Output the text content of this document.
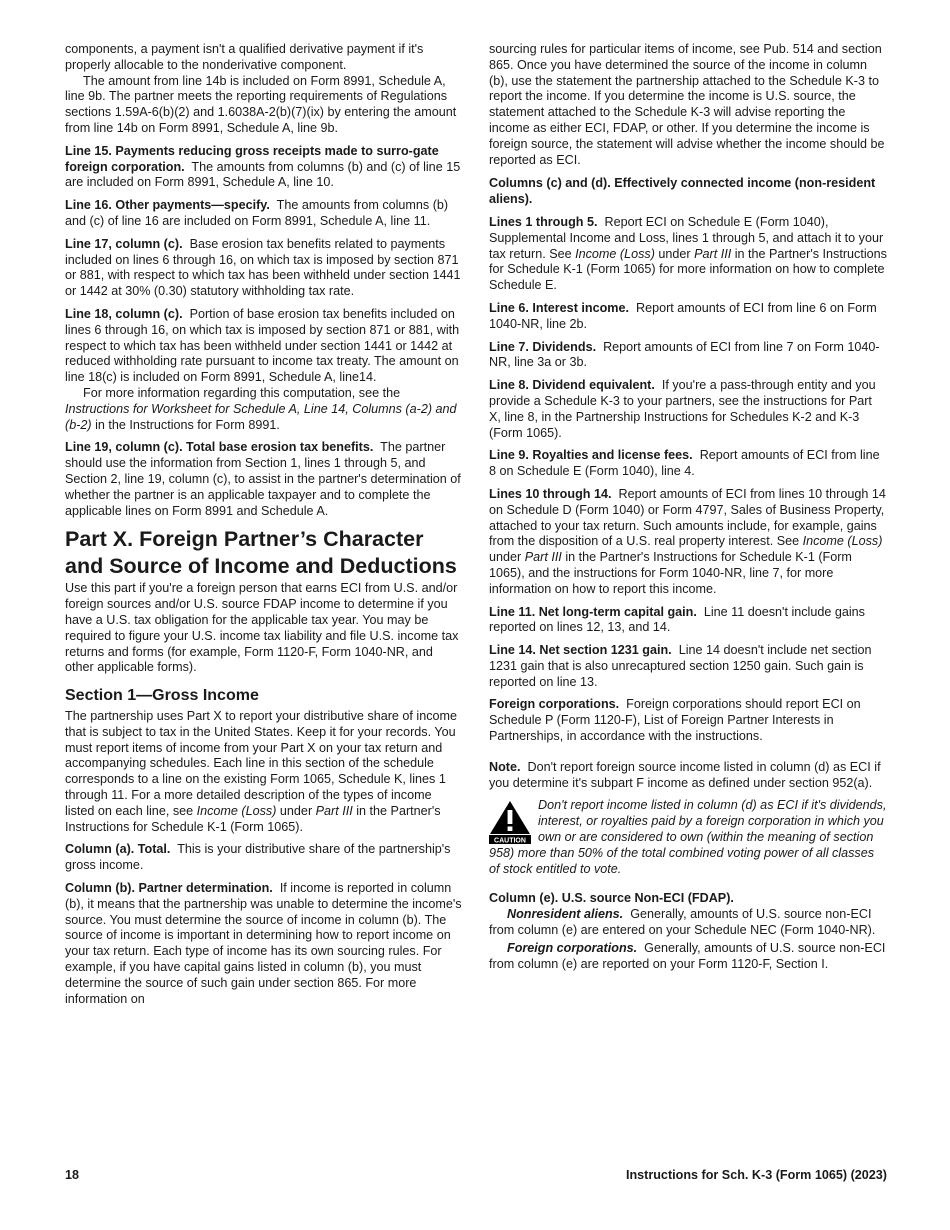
components, a payment isn't a qualified derivative payment if it's properly allocable to the nonderivative component.

The amount from line 14b is included on Form 8991, Schedule A, line 9b. The partner meets the reporting requirements of Regulations sections 1.59A-6(b)(2) and 1.6038A-2(b)(7)(ix) by entering the amount from line 14b on Form 8991, Schedule A, line 9b.

Line 15. Payments reducing gross receipts made to surro-gate foreign corporation. The amounts from columns (b) and (c) of line 15 are included on Form 8991, Schedule A, line 10.

Line 16. Other payments—specify. The amounts from columns (b) and (c) of line 16 are included on Form 8991, Schedule A, line 11.

Line 17, column (c). Base erosion tax benefits related to payments included on lines 6 through 16, on which tax is imposed by section 871 or 881, with respect to which tax has been withheld under section 1441 or 1442 at 30% (0.30) statutory withholding tax rate.

Line 18, column (c). Portion of base erosion tax benefits included on lines 6 through 16, on which tax is imposed by section 871 or 881, with respect to which tax has been withheld under section 1441 or 1442 at reduced withholding rate pursuant to income tax treaty. The amount on line 18(c) is included on Form 8991, Schedule A, line14.

For more information regarding this computation, see the Instructions for Worksheet for Schedule A, Line 14, Columns (a-2) and (b-2) in the Instructions for Form 8991.

Line 19, column (c). Total base erosion tax benefits. The partner should use the information from Section 1, lines 1 through 5, and Section 2, line 19, column (c), to assist in the partner's determination of whether the partner is an applicable taxpayer and to complete the applicable lines on Form 8991 and Schedule A.

Part X. Foreign Partner’s Character and Source of Income and Deductions

Use this part if you're a foreign person that earns ECI from U.S. and/or foreign sources and/or U.S. source FDAP income to determine if you have a U.S. tax obligation for the applicable tax year. You may be required to figure your U.S. income tax liability and file U.S. income tax returns and forms (for example, Form 1120-F, Form 1040-NR, and other applicable forms).

Section 1—Gross Income

The partnership uses Part X to report your distributive share of income that is subject to tax in the United States. Keep it for your records. You must report items of income from your Part X on your tax return and accompanying schedules. Each line in this section of the schedule corresponds to a line on the existing Form 1065, Schedule K, lines 1 through 11. For a more detailed description of the types of income listed on each line, see Income (Loss) under Part III in the Partner's Instructions for Schedule K-1 (Form 1065).

Column (a). Total. This is your distributive share of the partnership's gross income.

Column (b). Partner determination. If income is reported in column (b), it means that the partnership was unable to determine the income's source. You must determine the source of income in column (b). The source of income is important in determining how to report income on your tax return. Each type of income has its own sourcing rules. For example, if you have capital gains listed in column (b), you must determine the source of such gain under section 865. For more information on

sourcing rules for particular items of income, see Pub. 514 and section 865. Once you have determined the source of the income in column (b), use the statement the partnership attached to the Schedule K-3 to report the income. If you determine the income is U.S. source, the statement attached to the Schedule K-3 will advise reporting the income as either ECI, FDAP, or other. If you determine the income is foreign source, the statement will advise whether the income should be reported as ECI.

Columns (c) and (d). Effectively connected income (non-resident aliens).

Lines 1 through 5. Report ECI on Schedule E (Form 1040), Supplemental Income and Loss, lines 1 through 5, and attach it to your tax return. See Income (Loss) under Part III in the Partner's Instructions for Schedule K-1 (Form 1065) for more information on how to complete Schedule E.

Line 6. Interest income. Report amounts of ECI from line 6 on Form 1040-NR, line 2b.

Line 7. Dividends. Report amounts of ECI from line 7 on Form 1040-NR, line 3a or 3b.

Line 8. Dividend equivalent. If you're a pass-through entity and you provide a Schedule K-3 to your partners, see the instructions for Part X, line 8, in the Partnership Instructions for Schedules K-2 and K-3 (Form 1065).

Line 9. Royalties and license fees. Report amounts of ECI from line 8 on Schedule E (Form 1040), line 4.

Lines 10 through 14. Report amounts of ECI from lines 10 through 14 on Schedule D (Form 1040) or Form 4797, Sales of Business Property, attached to your tax return. Such amounts include, for example, gains from the disposition of a U.S. real property interest. See Income (Loss) under Part III in the Partner's Instructions for Schedule K-1 (Form 1065), and the instructions for Form 1040-NR, line 7, for more information on how to report this income.

Line 11. Net long-term capital gain. Line 11 doesn't include gains reported on lines 12, 13, and 14.

Line 14. Net section 1231 gain. Line 14 doesn't include net section 1231 gain that is also unrecaptured section 1250 gain. Such gain is reported on line 13.

Foreign corporations. Foreign corporations should report ECI on Schedule P (Form 1120-F), List of Foreign Partner Interests in Partnerships, in accordance with the instructions.

Note. Don't report foreign source income listed in column (d) as ECI if you determine it's subpart F income as defined under section 952(a).

CAUTION

Don't report income listed in column (d) as ECI if it's dividends, interest, or royalties paid by a foreign corporation in which you own or are considered to own (within the meaning of section 958) more than 50% of the total combined voting power of all classes of stock entitled to vote.

Column (e). U.S. source Non-ECI (FDAP).

Nonresident aliens. Generally, amounts of U.S. source non-ECI from column (e) are entered on your Schedule NEC (Form 1040-NR).

Foreign corporations. Generally, amounts of U.S. source non-ECI from column (e) are reported on your Form 1120-F, Section I.

18	Instructions for Sch. K-3 (Form 1065) (2023)
